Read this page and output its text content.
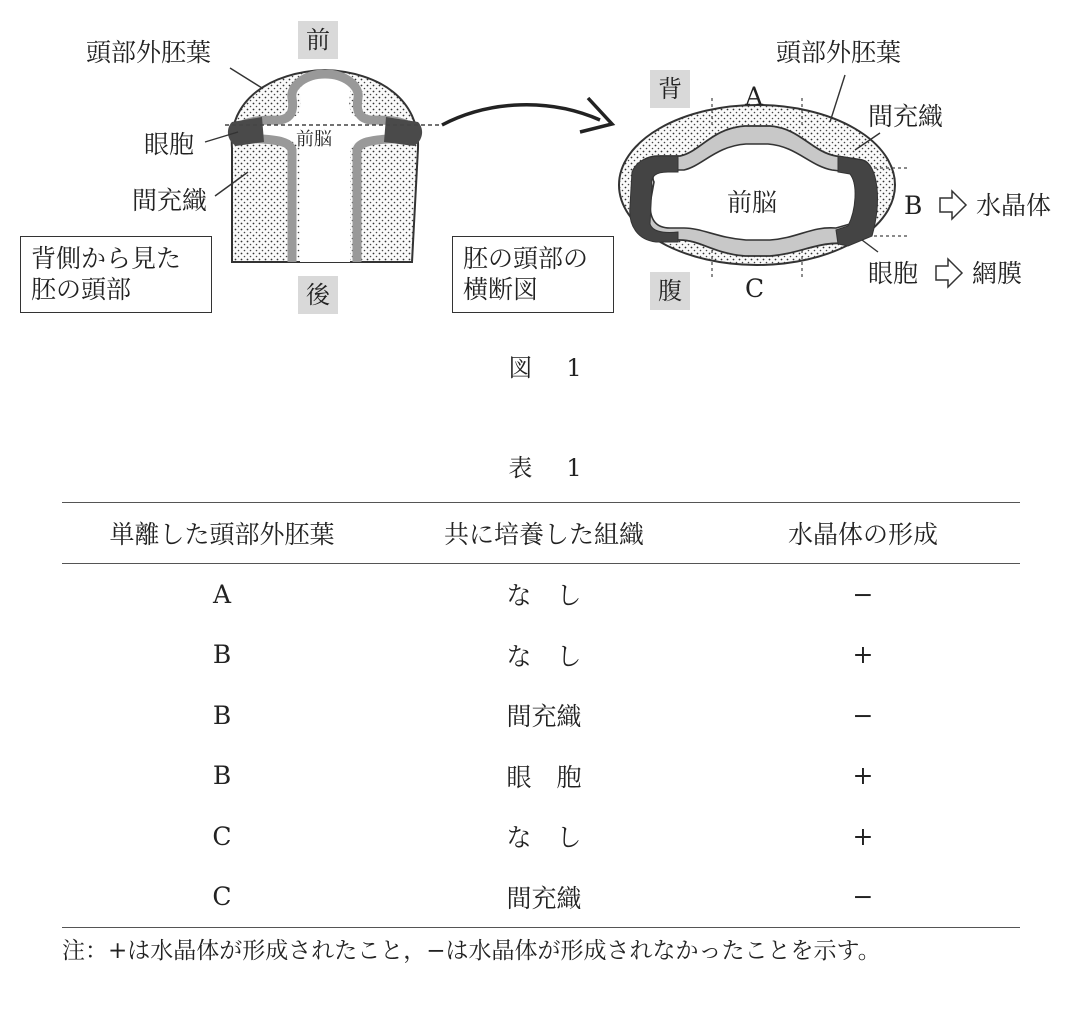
前
後
頭部外胚葉
眼胞
間充織
前脳
背側から見た
胚の頭部
背
腹
頭部外胚葉
間充織
前脳
A
B
C
水晶体
眼胞 網膜
胚の頭部の
横断図
図 1
表 1
単離した頭部外胚葉	共に培養した組織	水晶体の形成
A	な　し	−
B	な　し	+
B	間充織	−
B	眼　胞	+
C	な　し	+
C	間充織	−
注：+は水晶体が形成されたこと，−は水晶体が形成されなかったことを示す。
